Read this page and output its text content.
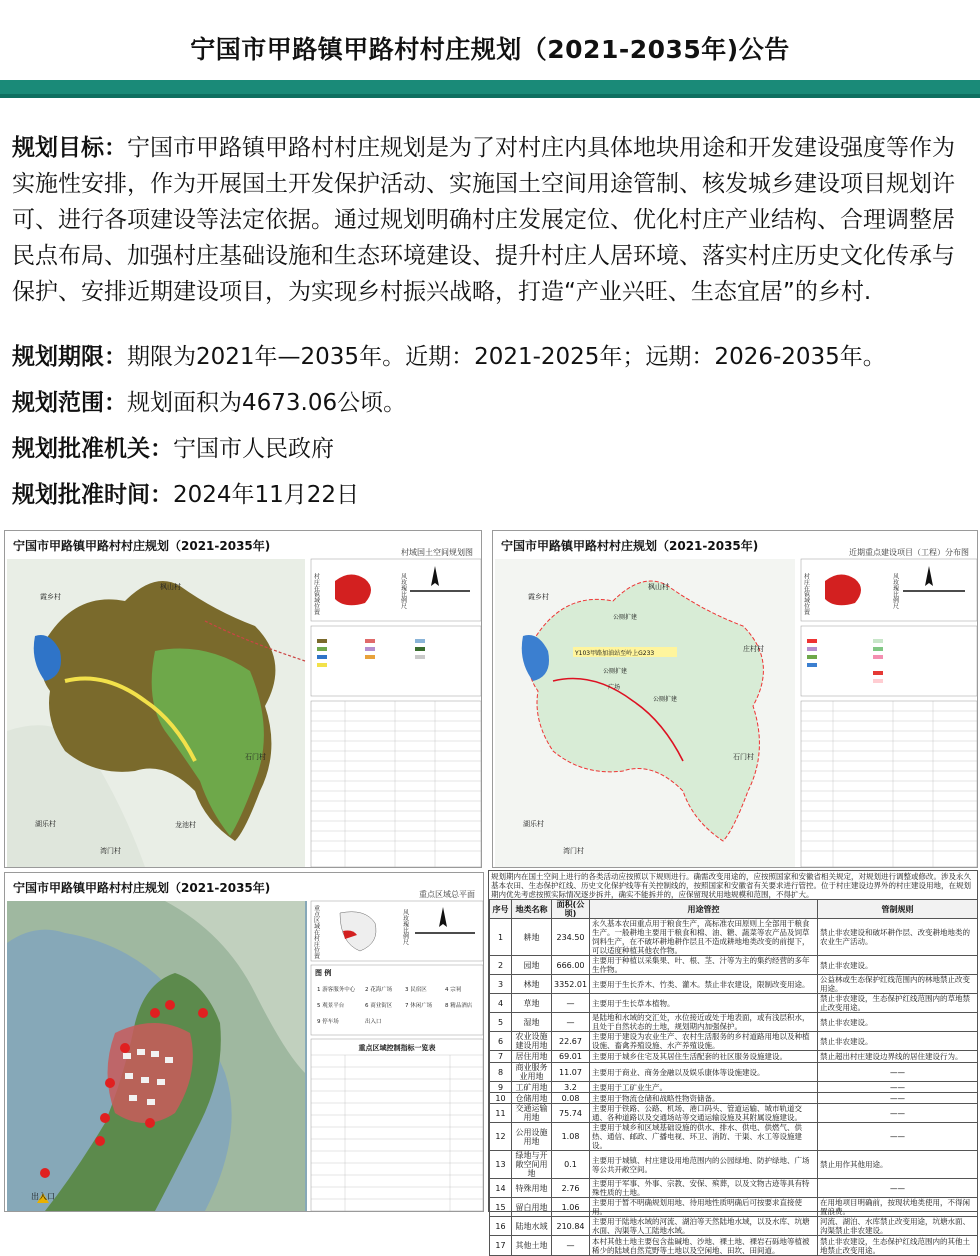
宁国市甲路镇甲路村村庄规划（2021-2035年)公告
规划目标：宁国市甲路镇甲路村村庄规划是为了对村庄内具体地块用途和开发建设强度等作为实施性安排，作为开展国土开发保护活动、实施国土空间用途管制、核发城乡建设项目规划许可、进行各项建设等法定依据。通过规划明确村庄发展定位、优化村庄产业结构、合理调整居民点布局、加强村庄基础设施和生态环境建设、提升村庄人居环境、落实村庄历史文化传承与保护、安排近期建设项目，为实现乡村振兴战略，打造“产业兴旺、生态宜居”的乡村.
规划期限：期限为2021年—2035年。近期：2021-2025年；远期：2026-2035年。
规划范围：规划面积为4673.06公顷。
规划批准机关：宁国市人民政府
规划批准时间：2024年11月22日
宁国市甲路镇甲路村村庄规划（2021-2035年)	村域国土空间规划图
霞乡村
枫山村
石门村
湖乐村	龙池村
湾门村
村庄在镇域位置	风玫瑰比例尺
宁国市甲路镇甲路村村庄规划（2021-2035年)	近期重点建设项目（工程）分布图
霞乡村
枫山村
庄村村
石门村
湖乐村
湾门村
Y103甲路加油站至岭上G233
公厕扩建
公厕扩建
广场
公厕扩建
村庄在镇域位置	风玫瑰比例尺
宁国市甲路镇甲路村村庄规划（2021-2035年)	重点区域总平面
出入口
重点区域在村庄位置	风玫瑰比例尺
图 例
1 游客服务中心 2 花海广场 3 民宿区	4 宗祠
5 观景平台	6 商业街区 7 休闲广场 8 精品酒店
9 停车场	出入口
重点区域控制指标一览表
规划期内在国土空间上进行的各类活动应按照以下规则进行。确需改变用途的，应按照国家和安徽省相关规定，对规划进行调整或修改。涉及永久基本农田、生态保护红线、历史文化保护线等有关控制线的，按照国家和安徽省有关要求进行管控。位于村庄建设边界外的村庄建设用地，在规划期内优先考虑按照实际情况逐步拆并，确实不能拆并的，应保留现状用地规模和范围，不得扩大。
序号	地类名称	面积(公顷)	用途管控	管制规则
1	耕地	234.50	永久基本农田重点用于粮食生产，高标准农田原则上全部用于粮食生产。一般耕地主要用于粮食和棉、油、糖、蔬菜等农产品及饲草饲料生产，在不破坏耕地耕作层且不造成耕地地类改变的前提下，可以适度种植其他农作物。	禁止非农建设和破坏耕作层、改变耕地地类的农业生产活动。
2	园地	666.00	主要用于种植以采集果、叶、根、茎、汁等为主的集约经营的多年生作物。	禁止非农建设。
3	林地	3352.01	主要用于生长乔木、竹类、灌木。禁止非农建设，限制改变用途。	公益林或生态保护红线范围内的林地禁止改变用途。
4	草地	—	主要用于生长草本植物。	禁止非农建设，生态保护红线范围内的草地禁止改变用途。
5	湿地	—	是陆地和水域的交汇处，水位接近或处于地表面，或有浅层积水，且处于自然状态的土地，规划期内加强保护。	禁止非农建设。
6	农业设施建设用地	22.67	主要用于建设为农业生产、农村生活服务的乡村道路用地以及种植设施、畜禽养殖设施、水产养殖设施。	禁止非农建设。
7	居住用地	69.01	主要用于城乡住宅及其居住生活配套的社区服务设施建设。	禁止超出村庄建设边界线的居住建设行为。
8	商业服务业用地	11.07	主要用于商业、商务金融以及娱乐康体等设施建设。	——
9	工矿用地	3.2	主要用于工矿业生产。	——
10	仓储用地	0.08	主要用于物流仓储和战略性物资储备。	——
11	交通运输用地	75.74	主要用于铁路、公路、机场、港口码头、管道运输、城市轨道交通、各种道路以及交通场站等交通运输设施及其附属设施建设。	——
12	公用设施用地	1.08	主要用于城乡和区域基础设施的供水、排水、供电、供燃气、供热、通信、邮政、广播电视、环卫、消防、干渠、水工等设施建设。	——
13	绿地与开敞空间用地	0.1	主要用于城镇、村庄建设用地范围内的公园绿地、防护绿地、广场等公共开敞空间。	禁止用作其他用途。
14	特殊用地	2.76	主要用于军事、外事、宗教、安保、殡葬，以及文物古迹等具有特殊性质的土地。	——
15	留白用地	1.06	主要用于暂不明确规划用地、待用地性质明确后可按要求直接使用。	在用地项目明确前，按现状地类使用，不得闲置浪费。
16	陆地水域	210.84	主要用于陆地水域的河流、湖泊等天然陆地水域，以及水库、坑塘水面、沟渠等人工陆地水域。	河流、湖泊、水库禁止改变用途，坑塘水面、沟渠禁止非农建设。
17	其他土地	—	本村其他土地主要包含盐碱地、沙地、裸土地、裸岩石砾地等植被稀少的陆域自然荒野等土地以及空闲地、田坎、田间道。	禁止非农建设，生态保护红线范围内的其他土地禁止改变用途。
